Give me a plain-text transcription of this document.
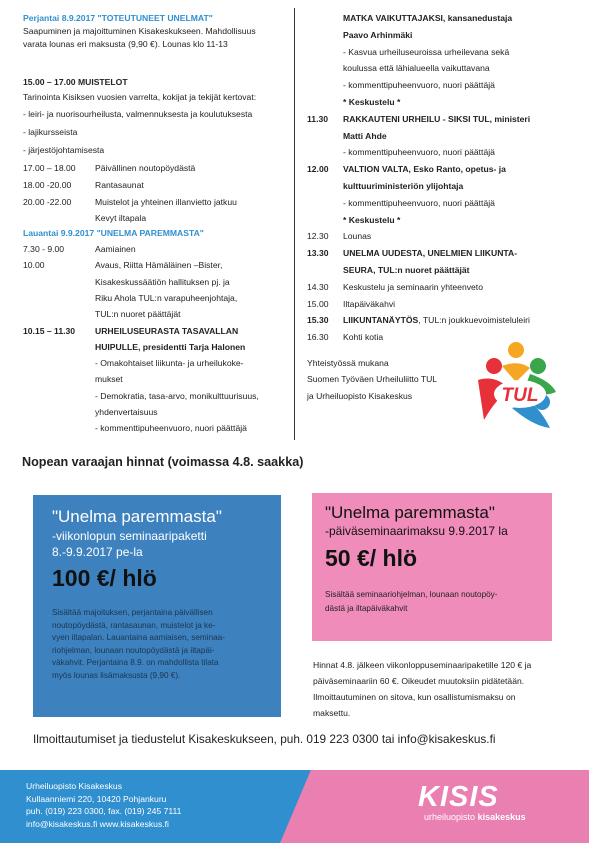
Perjantai 8.9.2017 "TOTEUTUNEET UNELMAT"
Saapuminen ja majoittuminen Kisakeskukseen. Mahdollisuus
varata lounas eri maksusta (9,90 €). Lounas klo 11-13
15.00 – 17.00 MUISTELOT
Tarinointa Kisiksen vuosien varrelta, kokijat ja tekijät kertovat:
- leiri- ja nuorisourheilusta, valmennuksesta ja koulutuksesta
- lajikursseista
- järjestöjohtamisesta
17.00 – 18.00 Päivällinen noutopöydästä
18.00 -20.00	Rantasaunat
20.00 -22.00	Muistelot ja yhteinen illanvietto jatkuu
Kevyt iltapala
Lauantai 9.9.2017 "UNELMA PAREMMASTA"
7.30 - 9.00	Aamiainen
10.00	Avaus, Riitta Hämäläinen –Bister,
Kisakeskussäätiön hallituksen pj. ja
Riku Ahola TUL:n varapuheenjohtaja,
TUL:n nuoret päättäjät
10.15 – 11.30 URHEILUSEURASTA TASAVALLAN
HUIPULLE, presidentti Tarja Halonen
- Omakohtaiset liikunta- ja urheilukoke-
mukset
- Demokratia, tasa-arvo, monikulttuurisuus,
yhdenvertaisuus
- kommenttipuheenvuoro, nuori päättäjä
MATKA VAIKUTTAJAKSI, kansanedustaja
Paavo Arhinmäki
- Kasvua urheiluseuroissa urheilevana sekä
koulussa että lähialueella vaikuttavana
- kommenttipuheenvuoro, nuori päättäjä
* Keskustelu *
11.30 RAKKAUTENI URHEILU - SIKSI TUL, ministeri
Matti Ahde
- kommenttipuheenvuoro, nuori päättäjä
12.00 VALTION VALTA, Esko Ranto, opetus- ja
kulttuuriministeriön ylijohtaja
- kommenttipuheenvuoro, nuori päättäjä
* Keskustelu *
12.30 Lounas
13.30 UNELMA UUDESTA, UNELMIEN LIIKUNTA-
SEURA, TUL:n nuoret päättäjät
14.30 Keskustelu ja seminaarin yhteenveto
15.00 Iltapäiväkahvi
15.30 LIIKUNTANÄYTÖS, TUL:n joukkuevoimisteluleiri
16.30 Kohti kotia
Yhteistyössä mukana
Suomen Työväen Urheiluliitto TUL
ja Urheiluopisto Kisakeskus	TUL
Nopean varaajan hinnat (voimassa 4.8. saakka)
"Unelma paremmasta"
-viikonlopun seminaaripaketti
8.-9.9.2017 pe-la
100 €/ hlö
Sisältää majoituksen, perjantaina päivällisen
noutopöydästä, rantasaunan, muistelot ja ke-
vyen iltapalan. Lauantaina aamiaisen, seminaa-
riohjelman, lounaan noutopöydästä ja iltapäi-
väkahvit. Perjantaina 8.9. on mahdollista tilata
myös lounas lisämaksusta (9,90 €).
"Unelma paremmasta"
-päiväseminaarimaksu 9.9.2017 la
50 €/ hlö
Sisältää seminaariohjelman, lounaan noutopöy-
dästä ja iltapäiväkahvit
Hinnat 4.8. jälkeen viikonloppuseminaaripaketille 120 € ja
päiväseminaariin 60 €. Oikeudet muutoksiin pidätetään.
Ilmoittautuminen on sitova, kun osallistumismaksu on
maksettu.
Ilmoittautumiset ja tiedustelut Kisakeskukseen, puh. 019 223 0300 tai info@kisakeskus.fi
Urheiluopisto Kisakeskus
Kullaanniemi 220, 10420 Pohjankuru
puh. (019) 223 0300, fax. (019) 245 7111
info@kisakeskus.fi www.kisakeskus.fi
KISIS
urheiluopisto kisakeskus
